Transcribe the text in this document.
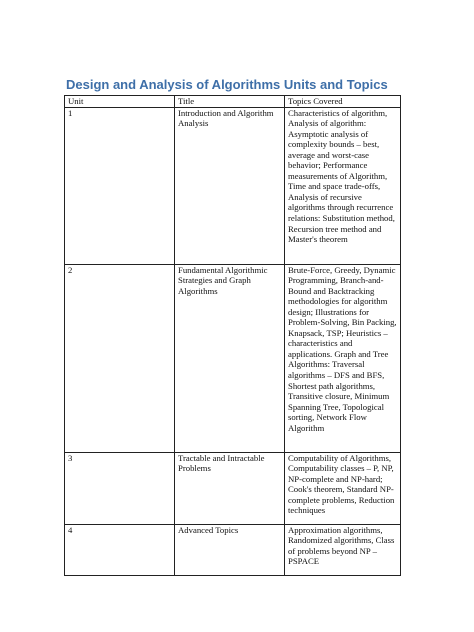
Design and Analysis of Algorithms Units and Topics
Unit	Title	Topics Covered
1	Introduction and Algorithm Analysis	Characteristics of algorithm, Analysis of algorithm: Asymptotic analysis of complexity bounds – best, average and worst-case behavior; Performance measurements of Algorithm, Time and space trade-offs, Analysis of recursive algorithms through recurrence relations: Substitution method, Recursion tree method and Master's theorem
2	Fundamental Algorithmic Strategies and Graph Algorithms	Brute-Force, Greedy, Dynamic Programming, Branch-and-Bound and Backtracking methodologies for algorithm design; Illustrations for Problem-Solving, Bin Packing, Knapsack, TSP; Heuristics – characteristics and applications. Graph and Tree Algorithms: Traversal algorithms – DFS and BFS, Shortest path algorithms, Transitive closure, Minimum Spanning Tree, Topological sorting, Network Flow Algorithm
3	Tractable and Intractable Problems	Computability of Algorithms, Computability classes – P, NP, NP-complete and NP-hard; Cook's theorem, Standard NP-complete problems, Reduction techniques
4	Advanced Topics	Approximation algorithms, Randomized algorithms, Class of problems beyond NP – PSPACE
